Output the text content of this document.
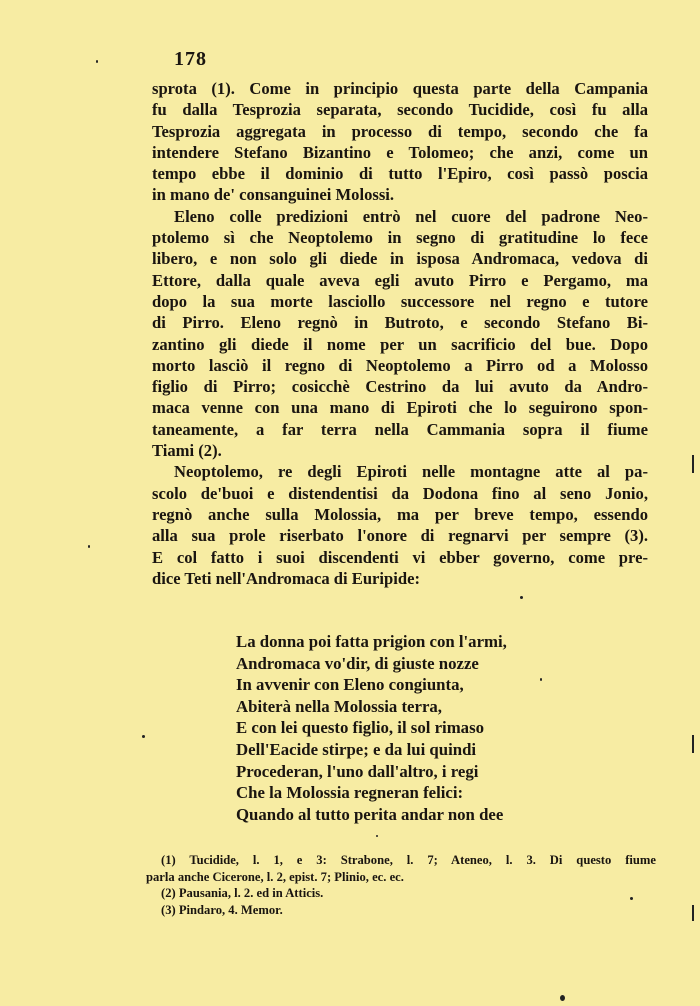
178
sprota (1). Come in principio questa parte della Campania
fu dalla Tesprozia separata, secondo Tucidide, così fu alla
Tesprozia aggregata in processo di tempo, secondo che fa
intendere Stefano Bizantino e Tolomeo; che anzi, come un
tempo ebbe il dominio di tutto l'Epiro, così passò poscia
in mano de' consanguinei Molossi.
Eleno colle predizioni entrò nel cuore del padrone Neo-
ptolemo sì che Neoptolemo in segno di gratitudine lo fece
libero, e non solo gli diede in isposa Andromaca, vedova di
Ettore, dalla quale aveva egli avuto Pirro e Pergamo, ma
dopo la sua morte lasciollo successore nel regno e tutore
di Pirro. Eleno regnò in Butroto, e secondo Stefano Bi-
zantino gli diede il nome per un sacrificio del bue. Dopo
morto lasciò il regno di Neoptolemo a Pirro od a Molosso
figlio di Pirro; cosicchè Cestrino da lui avuto da Andro-
maca venne con una mano di Epiroti che lo seguirono spon-
taneamente, a far terra nella Cammania sopra il fiume
Tiami (2).
Neoptolemo, re degli Epiroti nelle montagne atte al pa-
scolo de'buoi e distendentisi da Dodona fino al seno Jonio,
regnò anche sulla Molossia, ma per breve tempo, essendo
alla sua prole riserbato l'onore di regnarvi per sempre (3).
E col fatto i suoi discendenti vi ebber governo, come pre-
dice Teti nell'Andromaca di Euripide:
La donna poi fatta prigion con l'armi,
Andromaca vo'dir, di giuste nozze
In avvenir con Eleno congiunta,
Abiterà nella Molossia terra,
E con lei questo figlio, il sol rimaso
Dell'Eacide stirpe; e da lui quindi
Procederan, l'uno dall'altro, i regi
Che la Molossia regneran felici:
Quando al tutto perita andar non dee
(1) Tucidide, l. 1, e 3: Strabone, l. 7; Ateneo, l. 3. Di questo fiume
parla anche Cicerone, l. 2, epist. 7; Plinio, ec. ec.
(2) Pausania, l. 2. ed in Atticis.
(3) Pindaro, 4. Memor.
